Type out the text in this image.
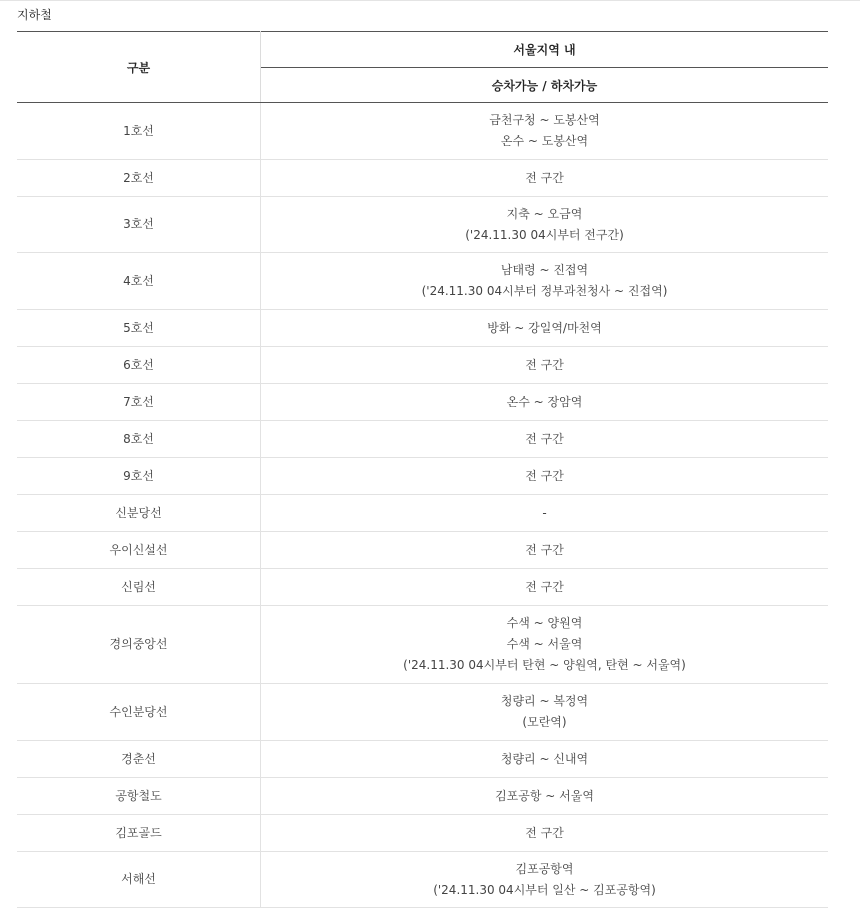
지하철
구분	서울지역 내
	승차가능 / 하차가능
1호선	금천구청 ~ 도봉산역
온수 ~ 도봉산역

2호선	전 구간

3호선	지축 ~ 오금역
('24.11.30 04시부터 전구간)

4호선	남태령 ~ 진접역
('24.11.30 04시부터 정부과천청사 ~ 진접역)

5호선	방화 ~ 강일역/마천역

6호선	전 구간

7호선	온수 ~ 장암역

8호선	전 구간

9호선	전 구간

신분당선	-

우이신설선	전 구간

신림선	전 구간

경의중앙선	수색 ~ 양원역
수색 ~ 서울역
('24.11.30 04시부터 탄현 ~ 양원역, 탄현 ~ 서울역)

수인분당선	청량리 ~ 복정역
(모란역)

경춘선	청량리 ~ 신내역

공항철도	김포공항 ~ 서울역

김포골드	전 구간

서해선	김포공항역
('24.11.30 04시부터 일산 ~ 김포공항역)
